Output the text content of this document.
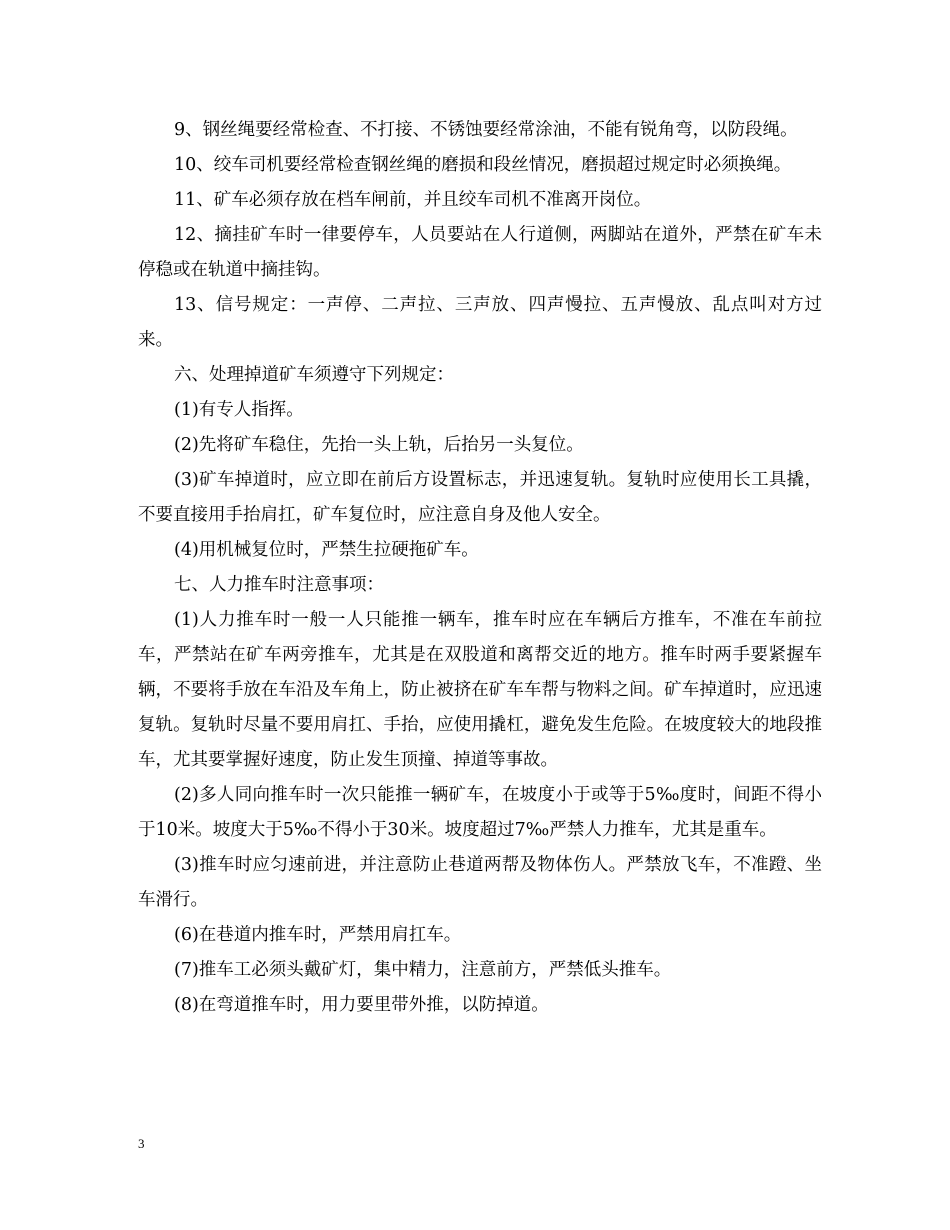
9、钢丝绳要经常检查、不打接、不锈蚀要经常涂油，不能有锐角弯，以防段绳。

10、绞车司机要经常检查钢丝绳的磨损和段丝情况，磨损超过规定时必须换绳。

11、矿车必须存放在档车闸前，并且绞车司机不准离开岗位。

12、摘挂矿车时一律要停车，人员要站在人行道侧，两脚站在道外，严禁在矿车未停稳或在轨道中摘挂钩。

13、信号规定：一声停、二声拉、三声放、四声慢拉、五声慢放、乱点叫对方过来。

六、处理掉道矿车须遵守下列规定：

(1)有专人指挥。

(2)先将矿车稳住，先抬一头上轨，后抬另一头复位。

(3)矿车掉道时，应立即在前后方设置标志，并迅速复轨。复轨时应使用长工具撬，不要直接用手抬肩扛，矿车复位时，应注意自身及他人安全。

(4)用机械复位时，严禁生拉硬拖矿车。

七、人力推车时注意事项：

(1)人力推车时一般一人只能推一辆车，推车时应在车辆后方推车，不准在车前拉车，严禁站在矿车两旁推车，尤其是在双股道和离帮交近的地方。推车时两手要紧握车辆，不要将手放在车沿及车角上，防止被挤在矿车车帮与物料之间。矿车掉道时，应迅速复轨。复轨时尽量不要用肩扛、手抬，应使用撬杠，避免发生危险。在坡度较大的地段推车，尤其要掌握好速度，防止发生顶撞、掉道等事故。

(2)多人同向推车时一次只能推一辆矿车，在坡度小于或等于5‰度时，间距不得小于10米。坡度大于5‰不得小于30米。坡度超过7‰严禁人力推车，尤其是重车。

(3)推车时应匀速前进，并注意防止巷道两帮及物体伤人。严禁放飞车，不准蹬、坐车滑行。

(6)在巷道内推车时，严禁用肩扛车。

(7)推车工必须头戴矿灯，集中精力，注意前方，严禁低头推车。

(8)在弯道推车时，用力要里带外推，以防掉道。

3
